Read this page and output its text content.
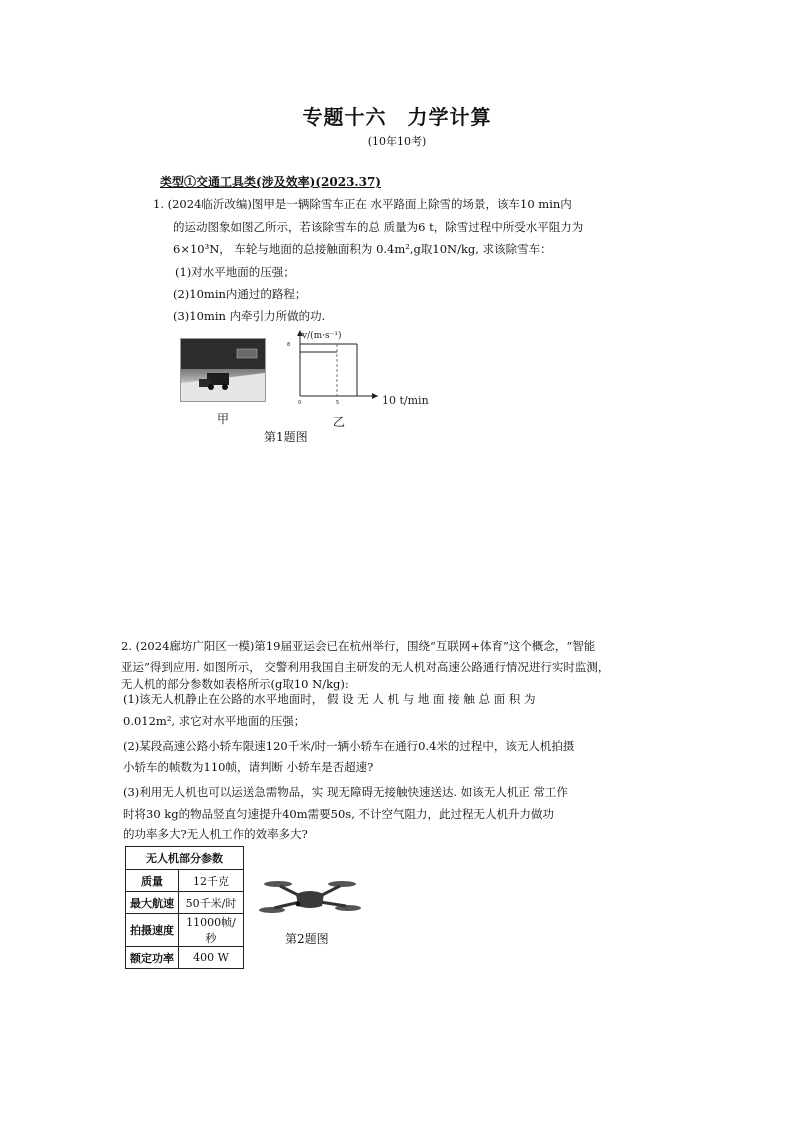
专题十六　力学计算
(10年10考)
类型①交通工具类(涉及效率)(2023.37)
1. (2024临沂改编)图甲是一辆除雪车正在 水平路面上除雪的场景，该车10 min内
的运动图象如图乙所示，若该除雪车的总 质量为6 t，除雪过程中所受水平阻力为
6×10³N， 车轮与地面的总接触面积为 0.4m²,g取10N/kg, 求该除雪车：
(1)对水平地面的压强；
(2)10min内通过的路程；
(3)10min 内牵引力所做的功.
甲
v/(m·s⁻¹)
8
0	5	10 t/min
乙
第1题图
2. (2024廊坊广阳区一模)第19届亚运会已在杭州举行，围绕“互联网+体育”这个概念，“智能
亚运”得到应用. 如图所示， 交警利用我国自主研发的无人机对高速公路通行情况进行实时监测，
无人机的部分参数如表格所示(g取10 N/kg):
(1)该无人机静止在公路的水平地面时， 假 设 无 人 机 与 地 面 接 触 总 面 积 为
0.012m², 求它对水平地面的压强；
(2)某段高速公路小轿车限速120千米/时一辆小轿车在通行0.4米的过程中，该无人机拍摄
小轿车的帧数为110帧，请判断 小轿车是否超速?
(3)利用无人机也可以运送急需物品，实 现无障碍无接触快速送达. 如该无人机正 常工作
时将30 kg的物品竖直匀速提升40m需要50s, 不计空气阻力，此过程无人机升力做功
的功率多大?无人机工作的效率多大?
无人机部分参数	
质量	12千克
最大航速	50千米/时
拍摄速度	11000帧/秒
额定功率	400 W
第2题图
